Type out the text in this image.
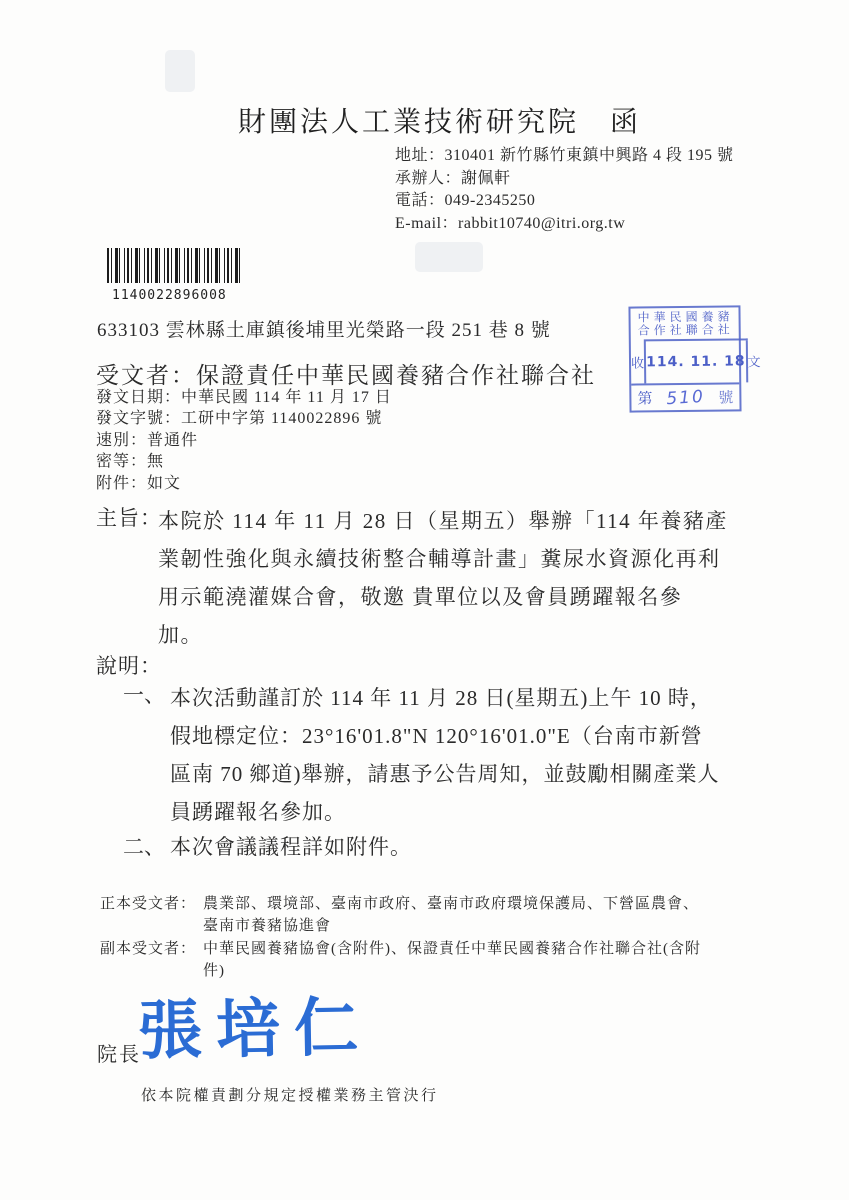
財團法人工業技術研究院　函
地址：310401 新竹縣竹東鎮中興路 4 段 195 號
承辦人：謝佩軒
電話：049-2345250
E-mail：rabbit10740@itri.org.tw
1140022896008
633103 雲林縣土庫鎮後埔里光榮路一段 251 巷 8 號
受文者：保證責任中華民國養豬合作社聯合社
發文日期：中華民國 114 年 11 月 17 日
發文字號：工研中字第 1140022896 號
速別：普通件
密等：無
附件：如文
中華民國養豬
合作社聯合社
收 114. 11. 18 文
第 510 號
主旨：
本院於 114 年 11 月 28 日（星期五）舉辦「114 年養豬產
業韌性強化與永續技術整合輔導計畫」糞尿水資源化再利
用示範澆灌媒合會，敬邀 貴單位以及會員踴躍報名參
加。
說明：
一、 本次活動謹訂於 114 年 11 月 28 日(星期五)上午 10 時，
假地標定位：23°16'01.8"N 120°16'01.0"E（台南市新營
區南 70 鄉道)舉辦，請惠予公告周知，並鼓勵相關產業人
員踴躍報名參加。
二、 本次會議議程詳如附件。
正本受文者： 農業部、環境部、臺南市政府、臺南市政府環境保護局、下營區農會、
臺南市養豬協進會
副本受文者： 中華民國養豬協會(含附件)、保證責任中華民國養豬合作社聯合社(含附
件)
院長
張培仁
依本院權責劃分規定授權業務主管決行
